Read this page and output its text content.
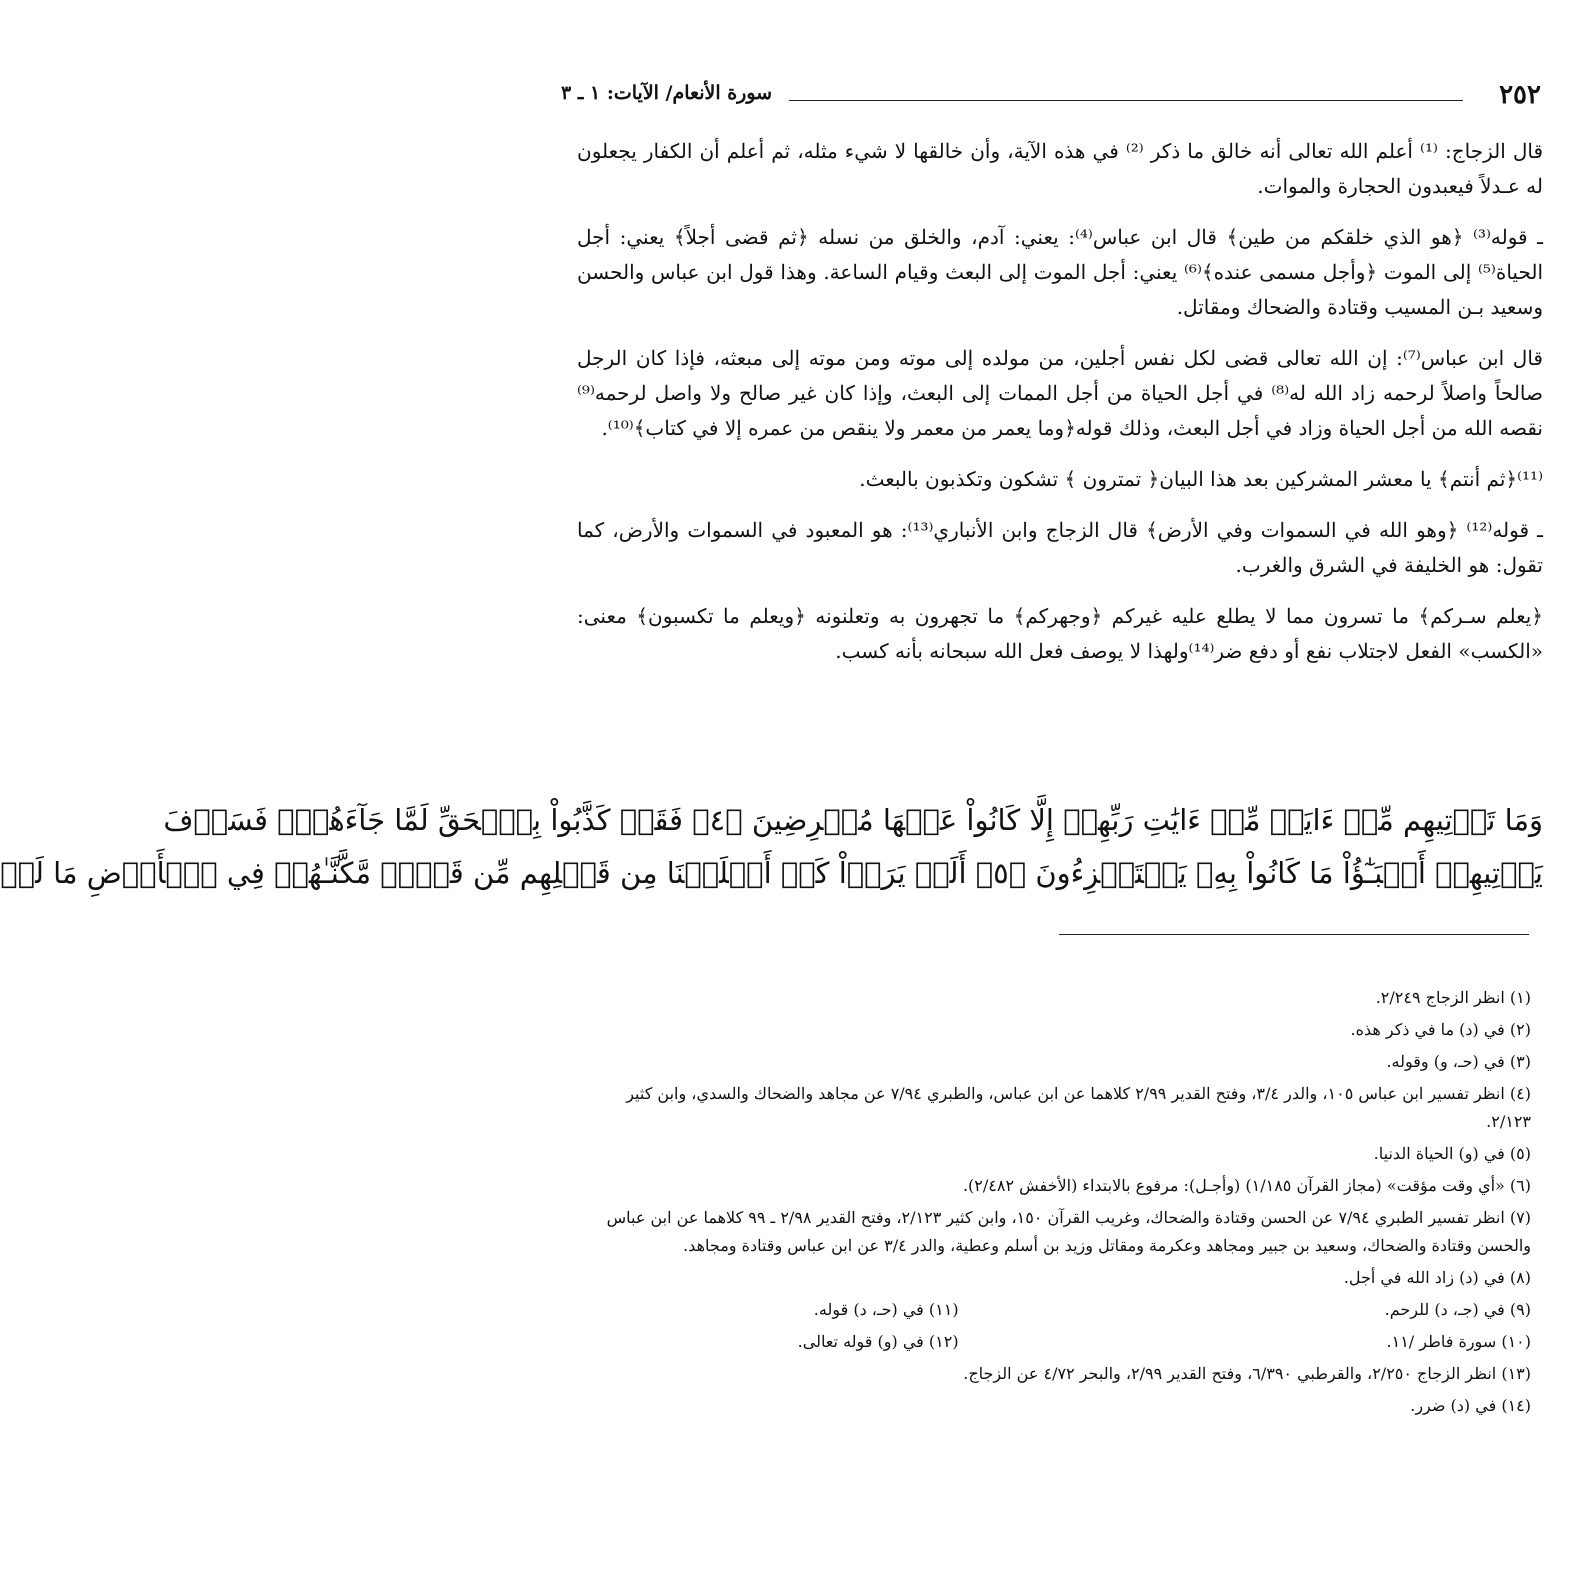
٢٥٢
سورة الأنعام/ الآيات: ١ ـ ٣

قال الزجاج: ⁽¹⁾ أعلم الله تعالى أنه خالق ما ذكر ⁽²⁾ في هذه الآية، وأن خالقها لا شيء مثله، ثم أعلم أن الكفار يجعلون له عـدلاً فيعبدون الحجارة والموات.

ـ قوله⁽³⁾ ﴿هو الذي خلقكم من طين﴾ قال ابن عباس⁽⁴⁾: يعني: آدم، والخلق من نسله ﴿ثم قضى أجلاً﴾ يعني: أجل الحياة⁽⁵⁾ إلى الموت ﴿وأجل مسمى عنده﴾⁽⁶⁾ يعني: أجل الموت إلى البعث وقيام الساعة. وهذا قول ابن عباس والحسن وسعيد بـن المسيب وقتادة والضحاك ومقاتل.

قال ابن عباس⁽⁷⁾: إن الله تعالى قضى لكل نفس أجلين، من مولده إلى موته ومن موته إلى مبعثه، فإذا كان الرجل صالحاً واصلاً لرحمه زاد الله له⁽⁸⁾ في أجل الحياة من أجل الممات إلى البعث، وإذا كان غير صالح ولا واصل لرحمه⁽⁹⁾ نقصه الله من أجل الحياة وزاد في أجل البعث، وذلك قوله﴿وما يعمر من معمر ولا ينقص من عمره إلا في كتاب﴾⁽¹⁰⁾.

⁽¹¹⁾﴿ثم أنتم﴾ يا معشر المشركين بعد هذا البيان﴿ تمترون ﴾ تشكون وتكذبون بالبعث.

ـ قوله⁽¹²⁾ ﴿وهو الله في السموات وفي الأرض﴾ قال الزجاج وابن الأنباري⁽¹³⁾: هو المعبود في السموات والأرض، كما تقول: هو الخليفة في الشرق والغرب.

﴿يعلم سـركم﴾ ما تسرون مما لا يطلع عليه غيركم ﴿وجهركم﴾ ما تجهرون به وتعلنونه ﴿ويعلم ما تكسبون﴾ معنى: «الكسب» الفعل لاجتلاب نفع أو دفع ضر⁽¹⁴⁾ولهذا لا يوصف فعل الله سبحانه بأنه كسب.

وَمَا تَأۡتِيهِم مِّنۡ ءَايَةٖ مِّنۡ ءَايَٰتِ رَبِّهِمۡ إِلَّا كَانُواْ عَنۡهَا مُعۡرِضِينَ ﴿٤﴾ فَقَدۡ كَذَّبُواْ بِٱلۡحَقِّ لَمَّا جَآءَهُمۡۖ فَسَوۡفَ
يَأۡتِيهِمۡ أَنۢبَـٰٓؤُاْ مَا كَانُواْ بِهِۦ يَسۡتَهۡزِءُونَ ﴿٥﴾ أَلَمۡ يَرَوۡاْ كَمۡ أَهۡلَكۡنَا مِن قَبۡلِهِم مِّن قَرۡنٖ مَّكَّنَّـٰهُمۡ فِي ٱلۡأَرۡضِ مَا لَمۡ
(١) انظر الزجاج ٢/٢٤٩.
(٢) في (د) ما في ذكر هذه.
(٣) في (حـ، و) وقوله.
(٤) انظر تفسير ابن عباس ١٠٥، والدر ٣/٤، وفتح القدير ٢/٩٩ كلاهما عن ابن عباس، والطبري ٧/٩٤ عن مجاهد والضحاك والسدي، وابن كثير ٢/١٢٣.
(٥) في (و) الحياة الدنيا.
(٦) «أي وقت مؤقت» (مجاز القرآن ١/١٨٥) (وأجـل): مرفوع بالابتداء (الأخفش ٢/٤٨٢).
(٧) انظر تفسير الطبري ٧/٩٤ عن الحسن وقتادة والضحاك، وغريب القرآن ١٥٠، وابن كثير ٢/١٢٣، وفتح القدير ٢/٩٨ ـ ٩٩ كلاهما عن ابن عباس والحسن وقتادة والضحاك، وسعيد بن جبير ومجاهد وعكرمة ومقاتل وزيد بن أسلم وعطية، والدر ٣/٤ عن ابن عباس وقتادة ومجاهد.
(٨) في (د) زاد الله في أجل.
(٩) في (جـ، د) للرحم.
(١١) في (حـ، د) قوله.
(١٠) سورة فاطر /١١.
(١٢) في (و) قوله تعالى.
(١٣) انظر الزجاج ٢/٢٥٠، والقرطبي ٦/٣٩٠، وفتح القدير ٢/٩٩، والبحر ٤/٧٢ عن الزجاج.
(١٤) في (د) ضرر.
